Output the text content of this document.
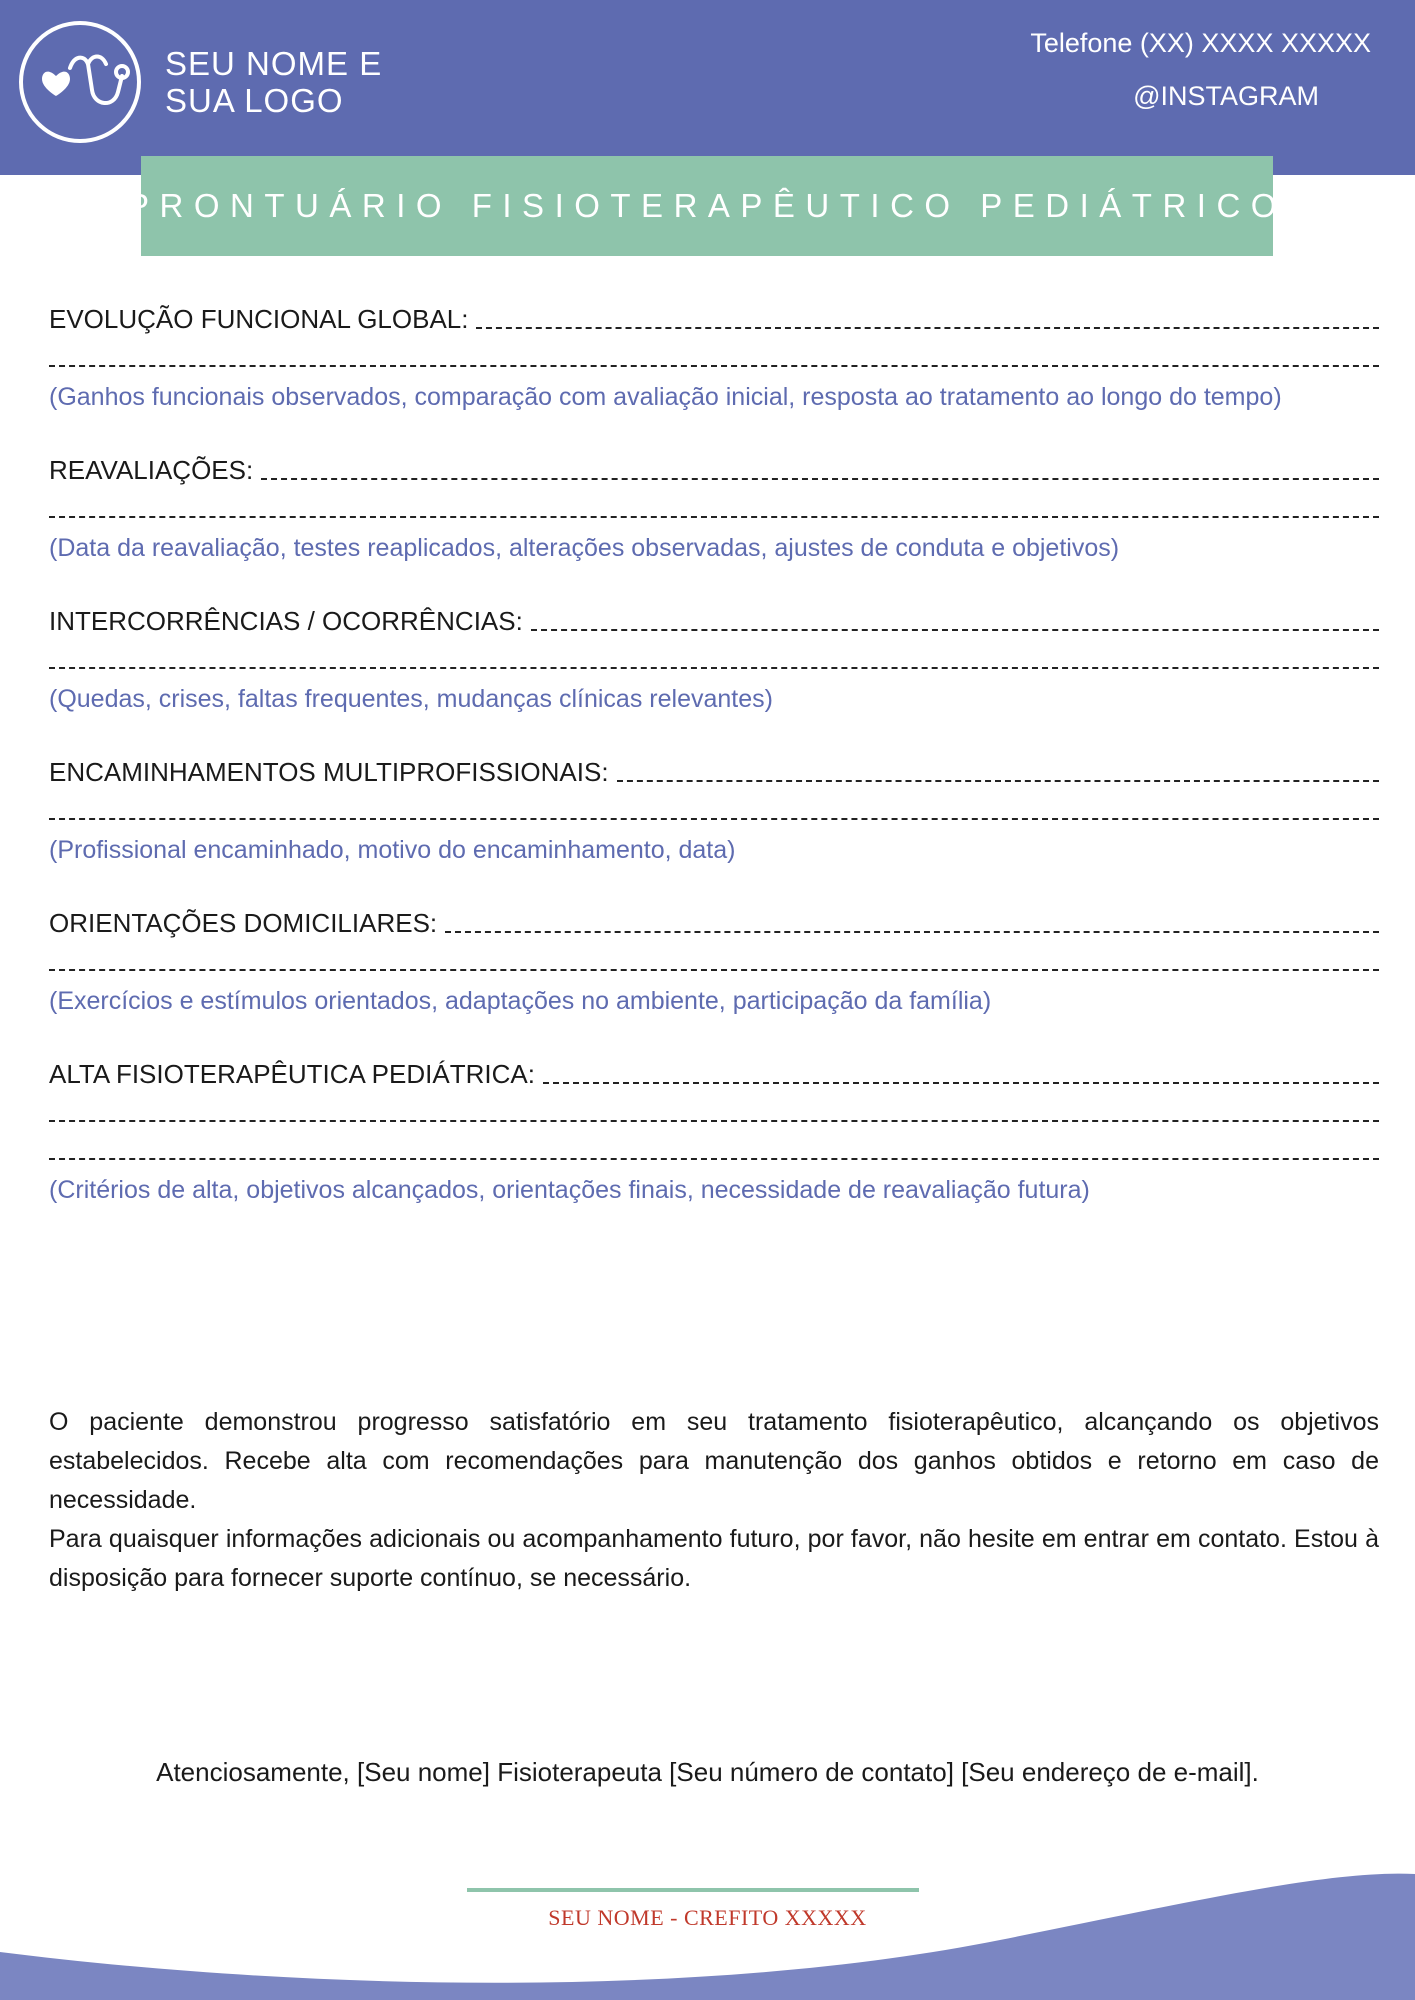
SEU NOME E
SUA LOGO
Telefone (XX) XXXX XXXXX
@INSTAGRAM
PRONTUÁRIO FISIOTERAPÊUTICO PEDIÁTRICO
EVOLUÇÃO FUNCIONAL GLOBAL:
(Ganhos funcionais observados, comparação com avaliação inicial, resposta ao tratamento ao longo do tempo)
REAVALIAÇÕES:
(Data da reavaliação, testes reaplicados, alterações observadas, ajustes de conduta e objetivos)
INTERCORRÊNCIAS / OCORRÊNCIAS:
(Quedas, crises, faltas frequentes, mudanças clínicas relevantes)
ENCAMINHAMENTOS MULTIPROFISSIONAIS:
(Profissional encaminhado, motivo do encaminhamento, data)
ORIENTAÇÕES DOMICILIARES:
(Exercícios e estímulos orientados, adaptações no ambiente, participação da família)
ALTA FISIOTERAPÊUTICA PEDIÁTRICA:
(Critérios de alta, objetivos alcançados, orientações finais, necessidade de reavaliação futura)

O paciente demonstrou progresso satisfatório em seu tratamento fisioterapêutico, alcançando os objetivos estabelecidos. Recebe alta com recomendações para manutenção dos ganhos obtidos e retorno em caso de necessidade.

Para quaisquer informações adicionais ou acompanhamento futuro, por favor, não hesite em entrar em contato. Estou à disposição para fornecer suporte contínuo, se necessário.

Atenciosamente, [Seu nome] Fisioterapeuta [Seu número de contato] [Seu endereço de e-mail].
SEU NOME - CREFITO XXXXX
